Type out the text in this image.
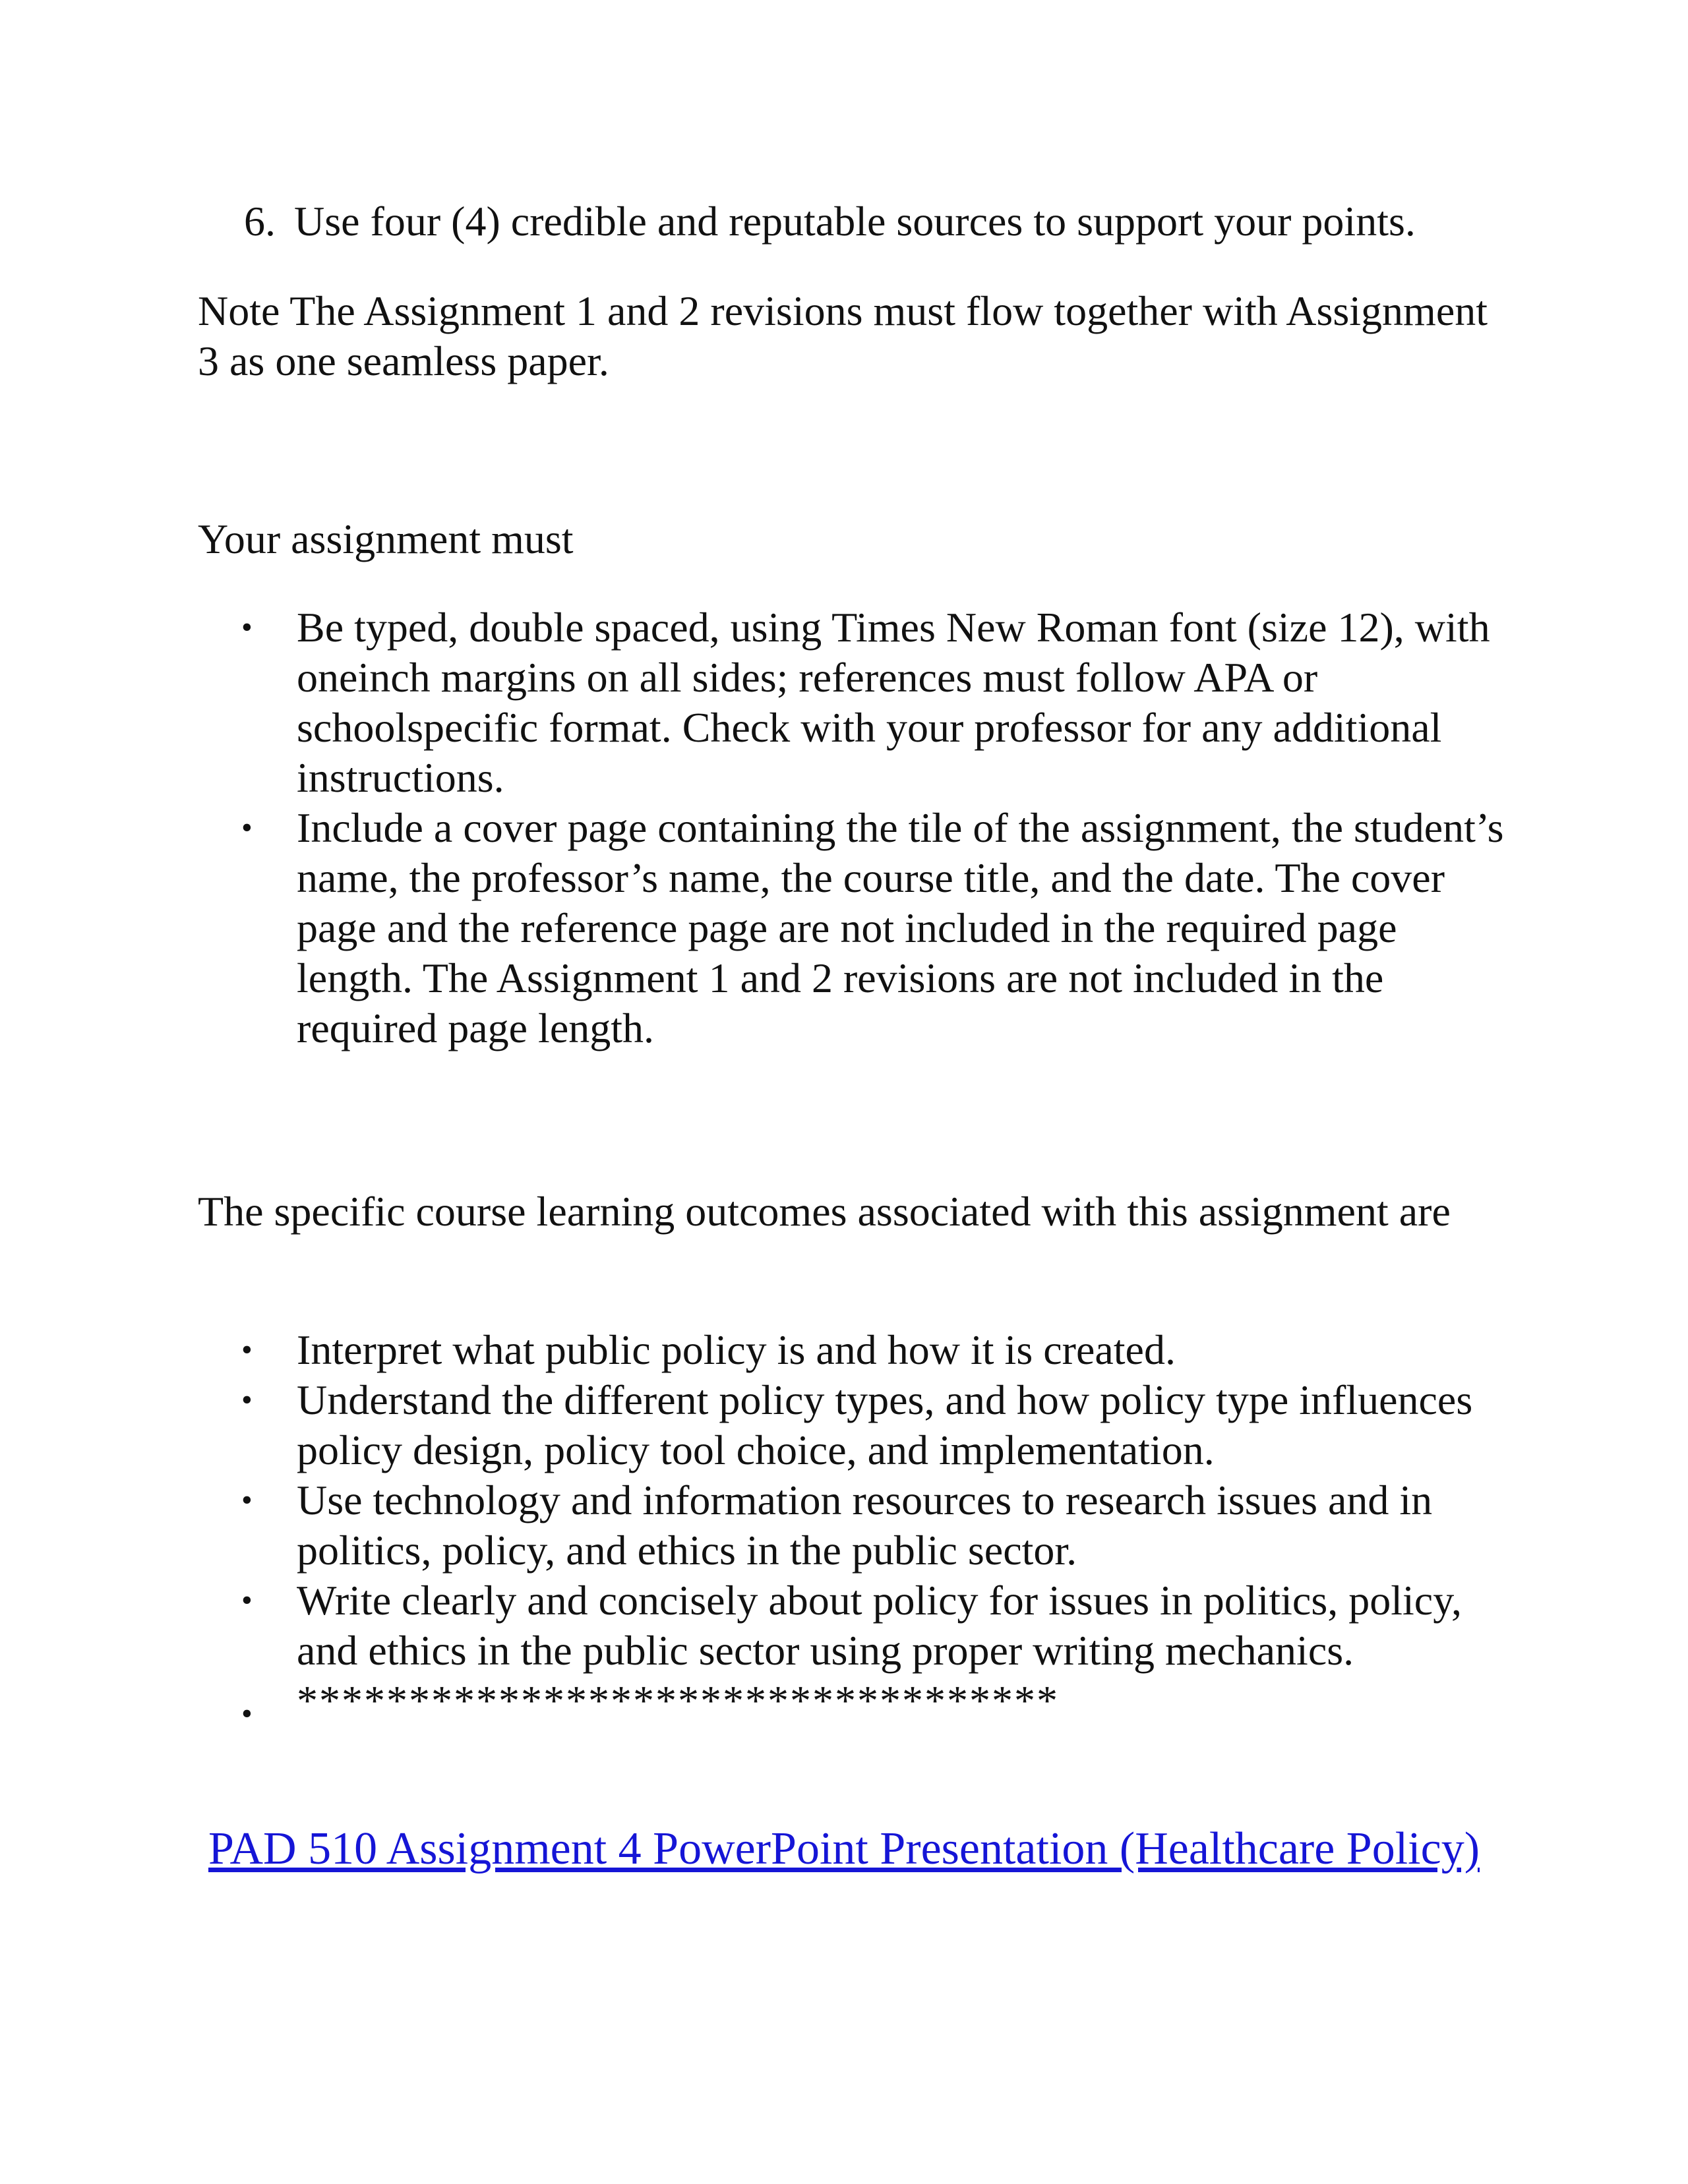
6. Use four (4) credible and reputable sources to support your points.

Note The Assignment 1 and 2 revisions must flow together with Assignment 3 as one seamless paper.

Your assignment must

• Be typed, double spaced, using Times New Roman font (size 12), with oneinch margins on all sides; references must follow APA or schoolspecific format. Check with your professor for any additional instructions.
• Include a cover page containing the tile of the assignment, the student’s name, the professor’s name, the course title, and the date. The cover page and the reference page are not included in the required page length. The Assignment 1 and 2 revisions are not included in the required page length.

The specific course learning outcomes associated with this assignment are

• Interpret what public policy is and how it is created.
• Understand the different policy types, and how policy type influences policy design, policy tool choice, and implementation.
• Use technology and information resources to research issues and in politics, policy, and ethics in the public sector.
• Write clearly and concisely about policy for issues in politics, policy, and ethics in the public sector using proper writing mechanics.
• **********************************
PAD 510 Assignment 4 PowerPoint Presentation (Healthcare Policy)
